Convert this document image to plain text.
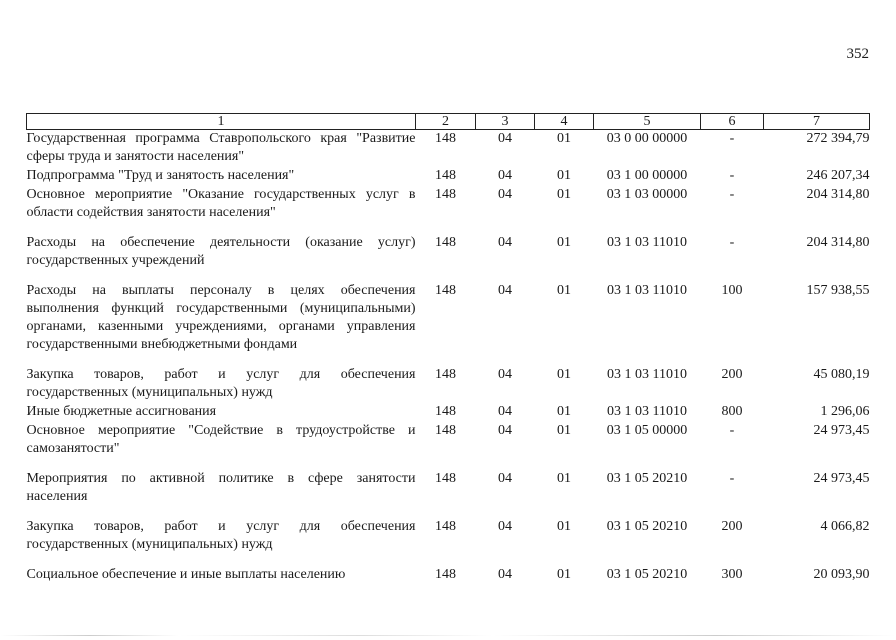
352
1	2	3	4	5	6	7
Государственная программа Ставропольского края "Развитие сферы труда и занятости населения"	148	04	01	03 0 00 00000	-	272 394,79
Подпрограмма "Труд и занятость населения"	148	04	01	03 1 00 00000	-	246 207,34
Основное мероприятие "Оказание государственных услуг в области содействия занятости населения"	148	04	01	03 1 03 00000	-	204 314,80
Расходы на обеспечение деятельности (оказание услуг) государственных учреждений	148	04	01	03 1 03 11010	-	204 314,80
Расходы на выплаты персоналу в целях обеспечения выполнения функций государственными (муниципальными) органами, казенными учреждениями, органами управления государственными внебюджетными фондами	148	04	01	03 1 03 11010	100	157 938,55
Закупка товаров, работ и услуг для обеспечения государственных (муниципальных) нужд	148	04	01	03 1 03 11010	200	45 080,19
Иные бюджетные ассигнования	148	04	01	03 1 03 11010	800	1 296,06
Основное мероприятие "Содействие в трудоустройстве и самозанятости"	148	04	01	03 1 05 00000	-	24 973,45
Мероприятия по активной политике в сфере занятости населения	148	04	01	03 1 05 20210	-	24 973,45
Закупка товаров, работ и услуг для обеспечения государственных (муниципальных) нужд	148	04	01	03 1 05 20210	200	4 066,82
Социальное обеспечение и иные выплаты населению	148	04	01	03 1 05 20210	300	20 093,90
